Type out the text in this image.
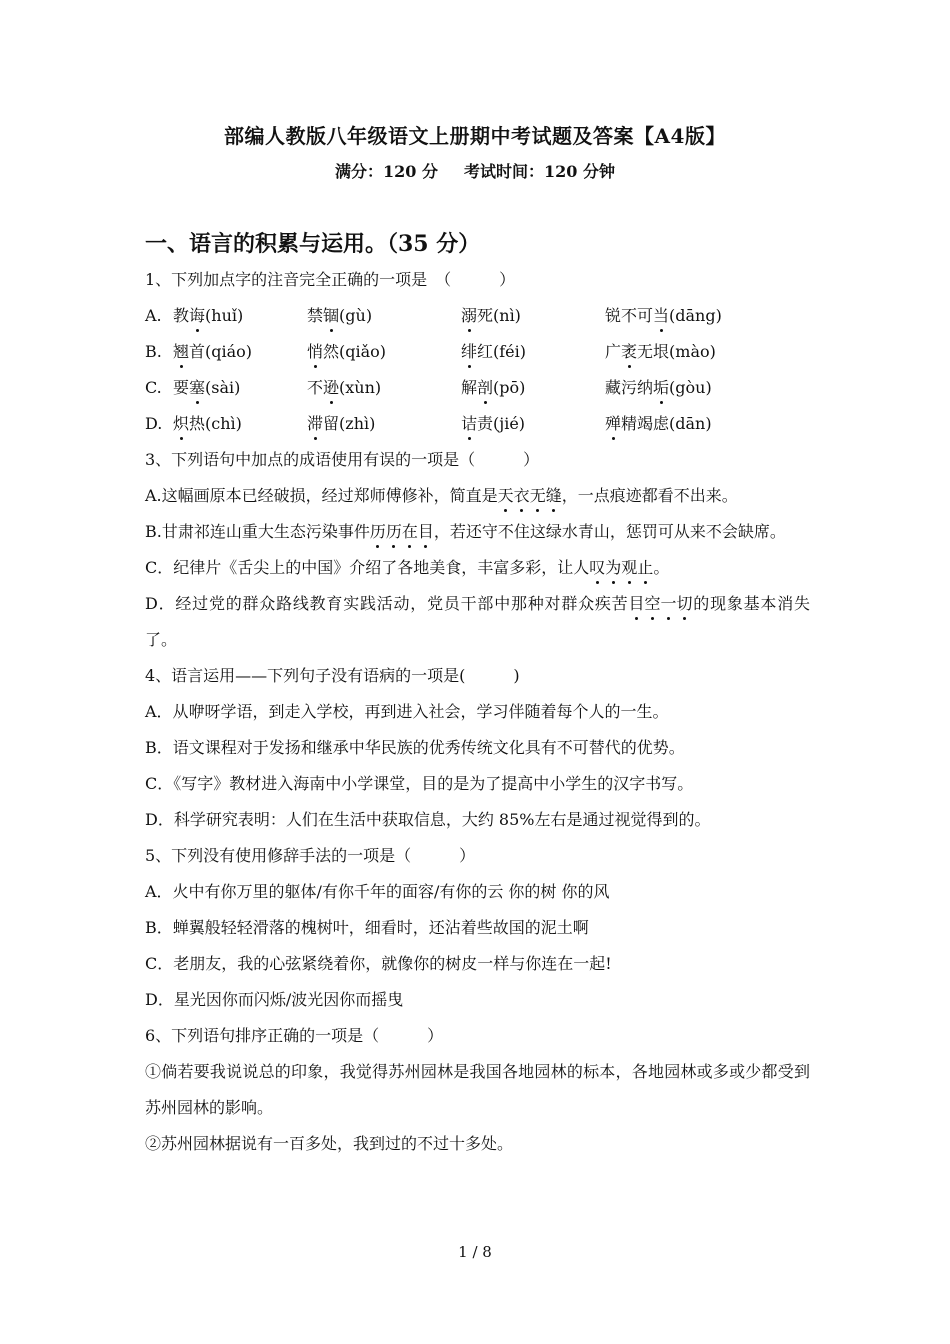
部编人教版八年级语文上册期中考试题及答案【A4版】
满分：120 分 考试时间：120 分钟
一、语言的积累与运用。（35 分）
1、下列加点字的注音完全正确的一项是　（　　　）
A. 教诲(huǐ)	禁锢(gù)	溺死(nì)	锐不可当(dāng)
B. 翘首(qiáo)	悄然(qiǎo)	绯红(féi)	广袤无垠(mào)
C. 要塞(sài)	不逊(xùn)	解剖(pō)	藏污纳垢(gòu)
D. 炽热(chì)	滞留(zhì)	诘责(jié)	殚精竭虑(dān)
3、下列语句中加点的成语使用有误的一项是（　　　）
A.这幅画原本已经破损，经过郑师傅修补，简直是天衣无缝，一点痕迹都看不出来。
B.甘肃祁连山重大生态污染事件历历在目，若还守不住这绿水青山，惩罚可从来不会缺席。
C．纪律片《舌尖上的中国》介绍了各地美食，丰富多彩，让人叹为观止。
D．经过党的群众路线教育实践活动，党员干部中那种对群众疾苦目空一切的现象基本消失了。
4、语言运用——下列句子没有语病的一项是(　　　)
A．从咿呀学语，到走入学校，再到进入社会，学习伴随着每个人的一生。
B．语文课程对于发扬和继承中华民族的优秀传统文化具有不可替代的优势。
C．《写字》教材进入海南中小学课堂，目的是为了提高中小学生的汉字书写。
D．科学研究表明：人们在生活中获取信息，大约 85%左右是通过视觉得到的。
5、下列没有使用修辞手法的一项是（　　　）
A．火中有你万里的躯体/有你千年的面容/有你的云 你的树 你的风
B．蝉翼般轻轻滑落的槐树叶，细看时，还沾着些故国的泥土啊
C．老朋友，我的心弦紧绕着你，就像你的树皮一样与你连在一起!
D．星光因你而闪烁/波光因你而摇曳
6、下列语句排序正确的一项是（　　　）
①倘若要我说说总的印象，我觉得苏州园林是我国各地园林的标本，各地园林或多或少都受到苏州园林的影响。
②苏州园林据说有一百多处，我到过的不过十多处。
1 / 8
